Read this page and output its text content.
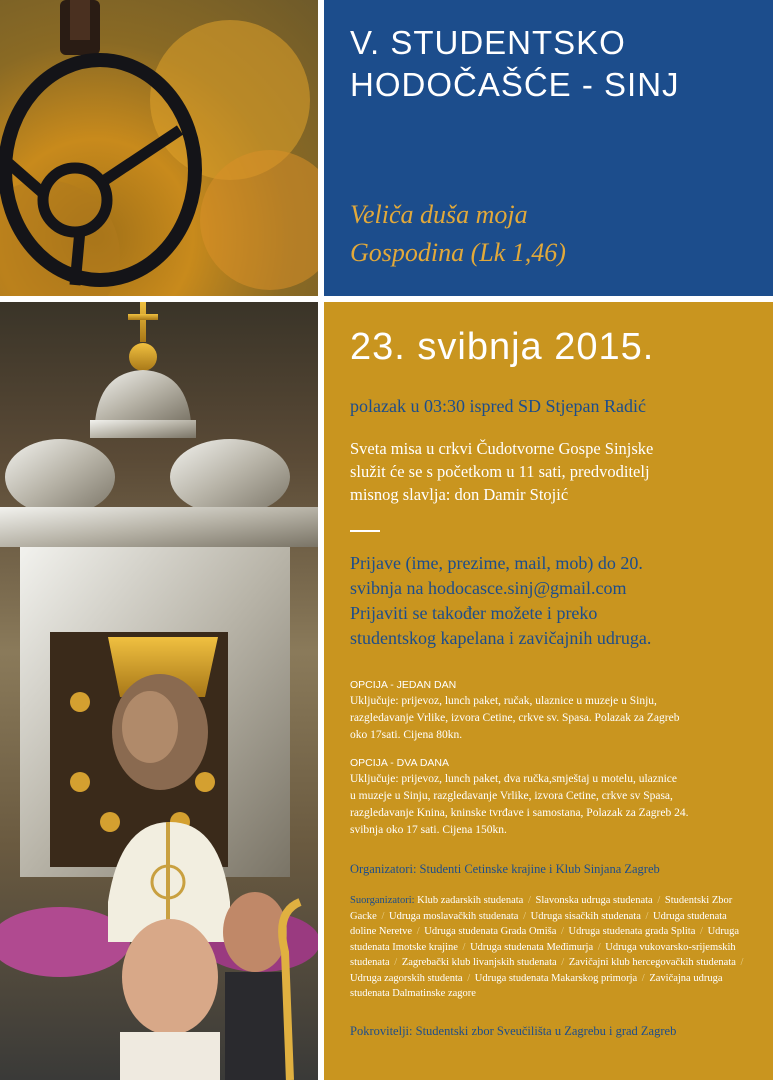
V. STUDENTSKO
HODOČAŠĆE - SINJ
Veliča duša moja
Gospodina (Lk 1,46)
23. svibnja 2015.
polazak u 03:30 ispred SD Stjepan Radić
Sveta misa u crkvi Čudotvorne Gospe Sinjske
služit će se s početkom u 11 sati, predvoditelj
misnog slavlja: don Damir Stojić
Prijave (ime, prezime, mail, mob) do 20.
svibnja na hodocasce.sinj@gmail.com
Prijaviti se također možete i preko
studentskog kapelana i zavičajnih udruga.
OPCIJA - JEDAN DAN
Uključuje: prijevoz, lunch paket, ručak, ulaznice u muzeje u Sinju,
razgledavanje Vrlike, izvora Cetine, crkve sv. Spasa. Polazak za Zagreb
oko 17sati. Cijena 80kn.
OPCIJA - DVA DANA
Uključuje: prijevoz, lunch paket, dva ručka,smještaj u motelu, ulaznice
u muzeje u Sinju, razgledavanje Vrlike, izvora Cetine, crkve sv Spasa,
razgledavanje Knina, kninske tvrđave i samostana, Polazak za Zagreb 24.
svibnja oko 17 sati. Cijena 150kn.
Organizatori: Studenti Cetinske krajine i Klub Sinjana Zagreb
Suorganizatori: Klub zadarskih studenata / Slavonska udruga studenata / Studentski Zbor Gacke / Udruga moslavačkih studenata / Udruga sisačkih studenata / Udruga studenata doline Neretve / Udruga studenata Grada Omiša / Udruga studenata grada Splita / Udruga studenata Imotske krajine / Udruga studenata Međimurja / Udruga vukovarsko-srijemskih studenata / Zagrebački klub livanjskih studenata / Zavičajni klub hercegovačkih studenata / Udruga zagorskih studenta / Udruga studenata Makarskog primorja / Zavičajna udruga studenata Dalmatinske zagore
Pokrovitelji: Studentski zbor Sveučilišta u Zagrebu i grad Zagreb
